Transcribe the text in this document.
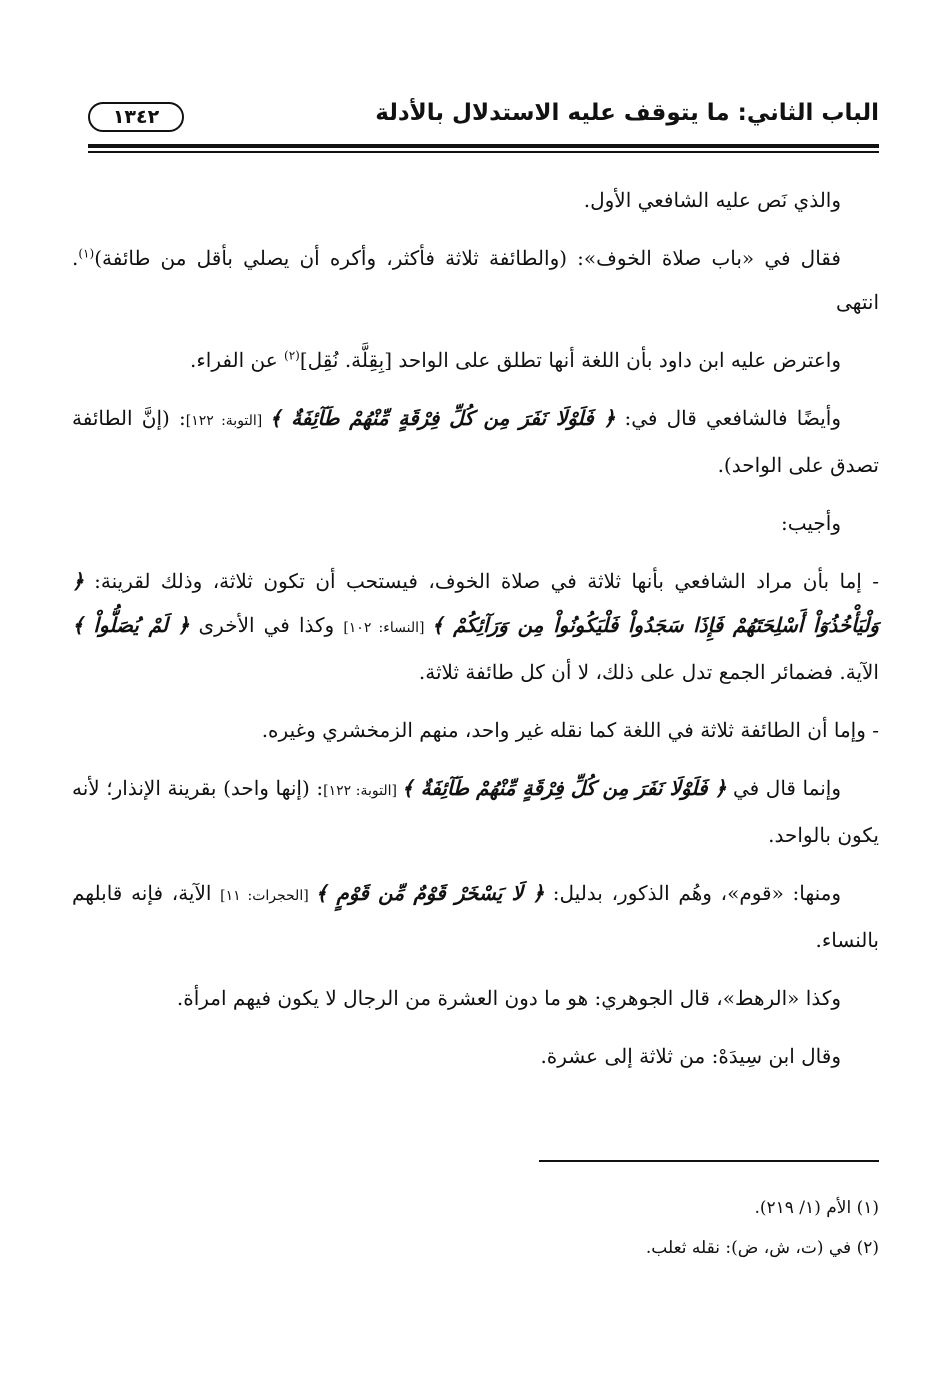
الباب الثاني: ما يتوقف عليه الاستدلال بالأدلة
١٣٤٢

والذي نَص عليه الشافعي الأول.

فقال في «باب صلاة الخوف»: (والطائفة ثلاثة فأكثر، وأكره أن يصلي بأقل من طائفة)$^{(١)}$. انتهى

واعترض عليه ابن داود بأن اللغة أنها تطلق على الواحد [بِقِلَّة. نُقِل]$^{(٢)}$ عن الفراء.

وأيضًا فالشافعي قال في: ﴿ فَلَوْلَا نَفَرَ مِن كُلِّ فِرْقَةٍ مِّنْهُمْ طَآئِفَةٌ ﴾ [التوبة: ١٢٢]: (إنَّ الطائفة تصدق على الواحد).

وأجيب:

- إما بأن مراد الشافعي بأنها ثلاثة في صلاة الخوف، فيستحب أن تكون ثلاثة، وذلك لقرينة: ﴿ وَلْيَأْخُذُوٓاْ أَسْلِحَتَهُمْ فَإِذَا سَجَدُواْ فَلْيَكُونُواْ مِن وَرَآئِكُمْ ﴾ [النساء: ١٠٢] وكذا في الأخرى ﴿ لَمْ يُصَلُّواْ ﴾ الآية. فضمائر الجمع تدل على ذلك، لا أن كل طائفة ثلاثة.

- وإما أن الطائفة ثلاثة في اللغة كما نقله غير واحد، منهم الزمخشري وغيره.

وإنما قال في ﴿ فَلَوْلَا نَفَرَ مِن كُلِّ فِرْقَةٍ مِّنْهُمْ طَآئِفَةٌ ﴾ [التوبة: ١٢٢]: (إنها واحد) بقرينة الإنذار؛ لأنه يكون بالواحد.

ومنها: «قوم»، وهُم الذكور، بدليل: ﴿ لَا يَسْخَرْ قَوْمٌ مِّن قَوْمٍ ﴾ [الحجرات: ١١] الآية، فإنه قابلهم بالنساء.

وكذا «الرهط»، قال الجوهري: هو ما دون العشرة من الرجال لا يكون فيهم امرأة.

وقال ابن سِيدَهْ: من ثلاثة إلى عشرة.

(١) الأم (١/ ٢١٩).
(٢) في (ت، ش، ض): نقله ثعلب.
